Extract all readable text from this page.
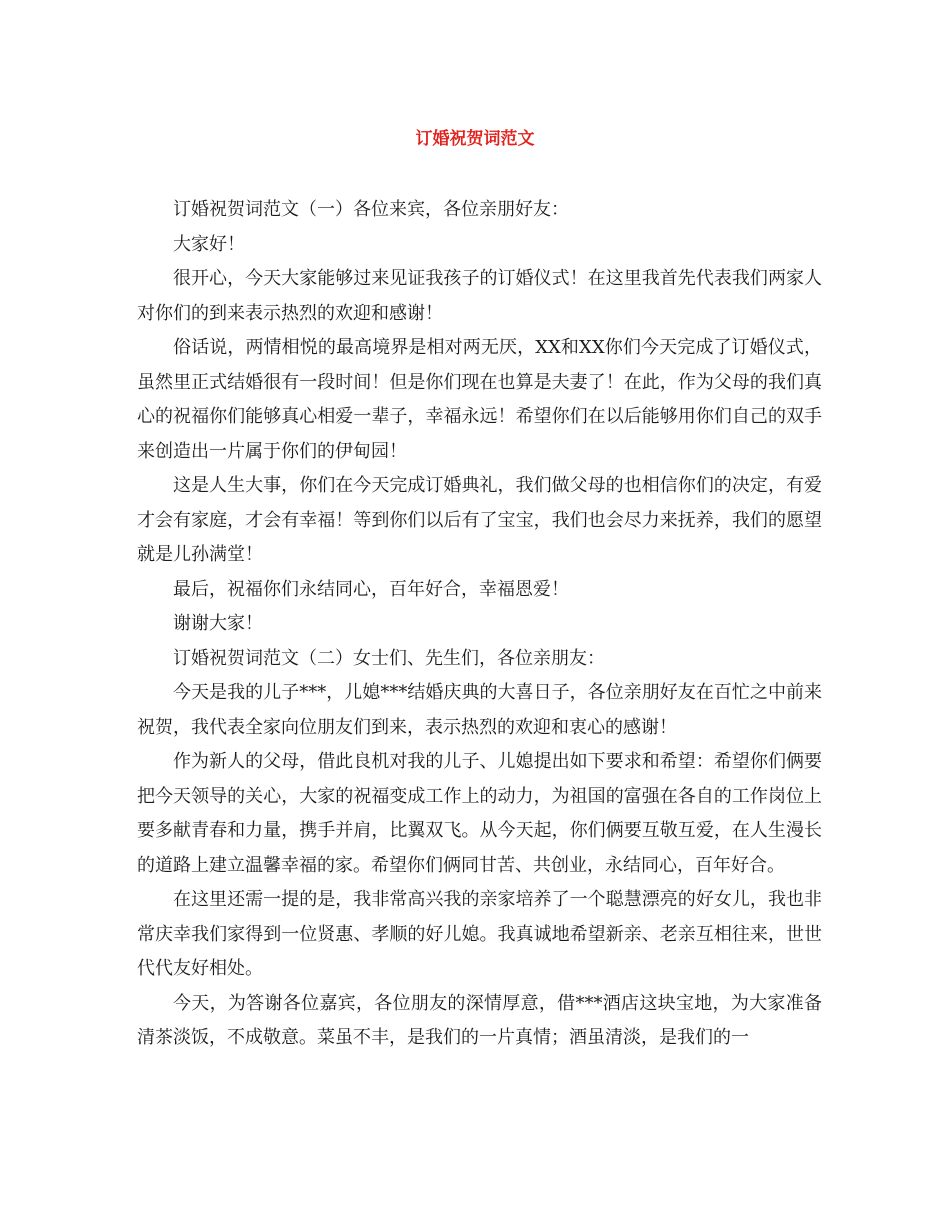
订婚祝贺词范文

订婚祝贺词范文（一）各位来宾，各位亲朋好友：

大家好！

很开心，今天大家能够过来见证我孩子的订婚仪式！在这里我首先代表我们两家人对你们的到来表示热烈的欢迎和感谢！

俗话说，两情相悦的最高境界是相对两无厌，XX和XX你们今天完成了订婚仪式，虽然里正式结婚很有一段时间！但是你们现在也算是夫妻了！在此，作为父母的我们真心的祝福你们能够真心相爱一辈子，幸福永远！希望你们在以后能够用你们自己的双手来创造出一片属于你们的伊甸园！

这是人生大事，你们在今天完成订婚典礼，我们做父母的也相信你们的决定，有爱才会有家庭，才会有幸福！等到你们以后有了宝宝，我们也会尽力来抚养，我们的愿望就是儿孙满堂！

最后，祝福你们永结同心，百年好合，幸福恩爱！

谢谢大家！

订婚祝贺词范文（二）女士们、先生们，各位亲朋友：

今天是我的儿子***，儿媳***结婚庆典的大喜日子，各位亲朋好友在百忙之中前来祝贺，我代表全家向位朋友们到来，表示热烈的欢迎和衷心的感谢！

作为新人的父母，借此良机对我的儿子、儿媳提出如下要求和希望：希望你们俩要把今天领导的关心，大家的祝福变成工作上的动力，为祖国的富强在各自的工作岗位上要多献青春和力量，携手并肩，比翼双飞。从今天起，你们俩要互敬互爱，在人生漫长的道路上建立温馨幸福的家。希望你们俩同甘苦、共创业，永结同心，百年好合。

在这里还需一提的是，我非常高兴我的亲家培养了一个聪慧漂亮的好女儿，我也非常庆幸我们家得到一位贤惠、孝顺的好儿媳。我真诚地希望新亲、老亲互相往来，世世代代友好相处。

今天，为答谢各位嘉宾，各位朋友的深情厚意，借***酒店这块宝地，为大家准备清茶淡饭，不成敬意。菜虽不丰，是我们的一片真情；酒虽清淡，是我们的一
